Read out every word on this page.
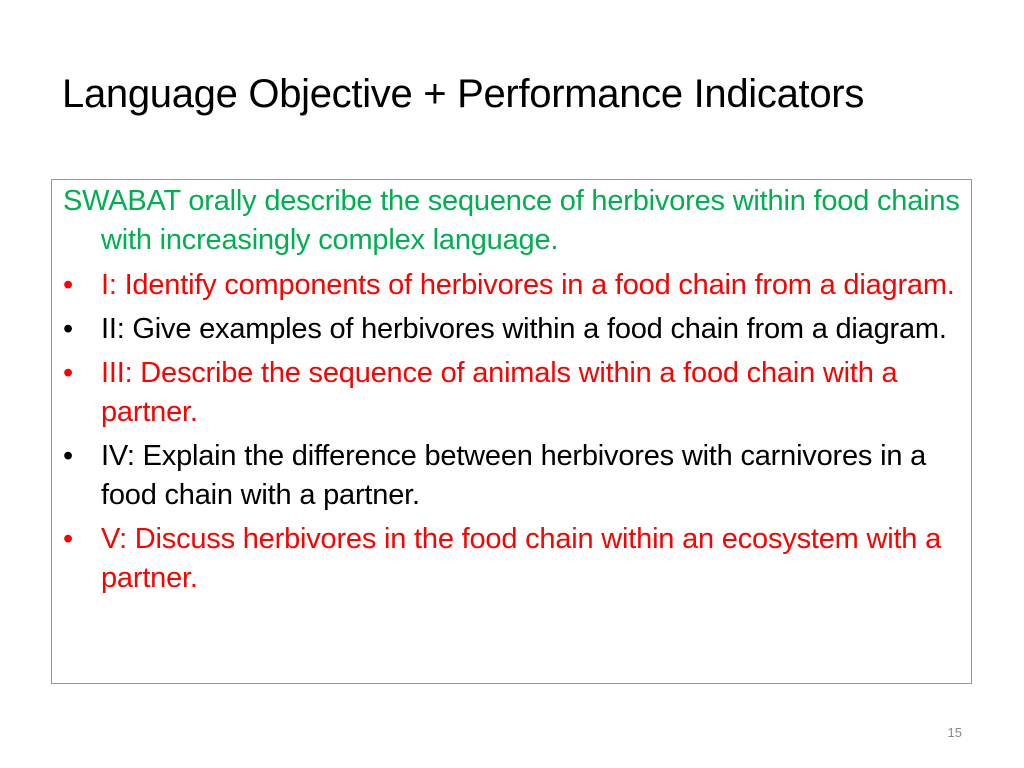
Language Objective + Performance Indicators

SWABAT orally describe the sequence of herbivores within food chains with increasingly complex language.

• I: Identify components of herbivores in a food chain from a diagram.
• II: Give examples of herbivores within a food chain from a diagram.
• III: Describe the sequence of animals within a food chain with a partner.
• IV: Explain the difference between herbivores with carnivores in a food chain with a partner.
• V: Discuss herbivores in the food chain within an ecosystem with a partner.
15
